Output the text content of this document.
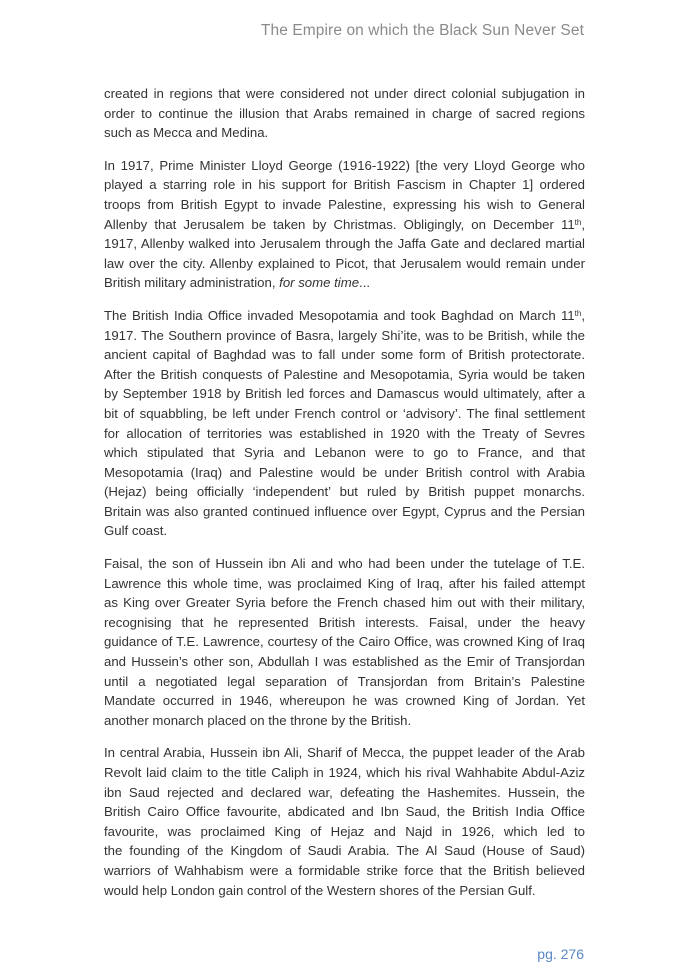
The Empire on which the Black Sun Never Set

created in regions that were considered not under direct colonial subjugation in
order to continue the illusion that Arabs remained in charge of sacred regions
such as Mecca and Medina.

In 1917, Prime Minister Lloyd George (1916-1922) [the very Lloyd George who
played a starring role in his support for British Fascism in Chapter 1] ordered
troops from British Egypt to invade Palestine, expressing his wish to General
Allenby that Jerusalem be taken by Christmas. Obligingly, on December 11th,
1917, Allenby walked into Jerusalem through the Jaffa Gate and declared martial
law over the city. Allenby explained to Picot, that Jerusalem would remain under
British military administration, for some time...

The British India Office invaded Mesopotamia and took Baghdad on March 11th,
1917. The Southern province of Basra, largely Shi’ite, was to be British, while the
ancient capital of Baghdad was to fall under some form of British protectorate.
After the British conquests of Palestine and Mesopotamia, Syria would be taken
by September 1918 by British led forces and Damascus would ultimately, after a
bit of squabbling, be left under French control or ‘advisory’. The final settlement
for allocation of territories was established in 1920 with the Treaty of Sevres
which stipulated that Syria and Lebanon were to go to France, and that
Mesopotamia (Iraq) and Palestine would be under British control with Arabia
(Hejaz) being officially ‘independent’ but ruled by British puppet monarchs.
Britain was also granted continued influence over Egypt, Cyprus and the Persian
Gulf coast.

Faisal, the son of Hussein ibn Ali and who had been under the tutelage of T.E.
Lawrence this whole time, was proclaimed King of Iraq, after his failed attempt
as King over Greater Syria before the French chased him out with their military,
recognising that he represented British interests. Faisal, under the heavy
guidance of T.E. Lawrence, courtesy of the Cairo Office, was crowned King of Iraq
and Hussein’s other son, Abdullah I was established as the Emir of Transjordan
until a negotiated legal separation of Transjordan from Britain’s Palestine
Mandate occurred in 1946, whereupon he was crowned King of Jordan. Yet
another monarch placed on the throne by the British.

In central Arabia, Hussein ibn Ali, Sharif of Mecca, the puppet leader of the Arab
Revolt laid claim to the title Caliph in 1924, which his rival Wahhabite Abdul-Aziz
ibn Saud rejected and declared war, defeating the Hashemites. Hussein, the
British Cairo Office favourite, abdicated and Ibn Saud, the British India Office
favourite, was proclaimed King of Hejaz and Najd in 1926, which led to
the founding of the Kingdom of Saudi Arabia. The Al Saud (House of Saud)
warriors of Wahhabism were a formidable strike force that the British believed
would help London gain control of the Western shores of the Persian Gulf.

pg. 276
